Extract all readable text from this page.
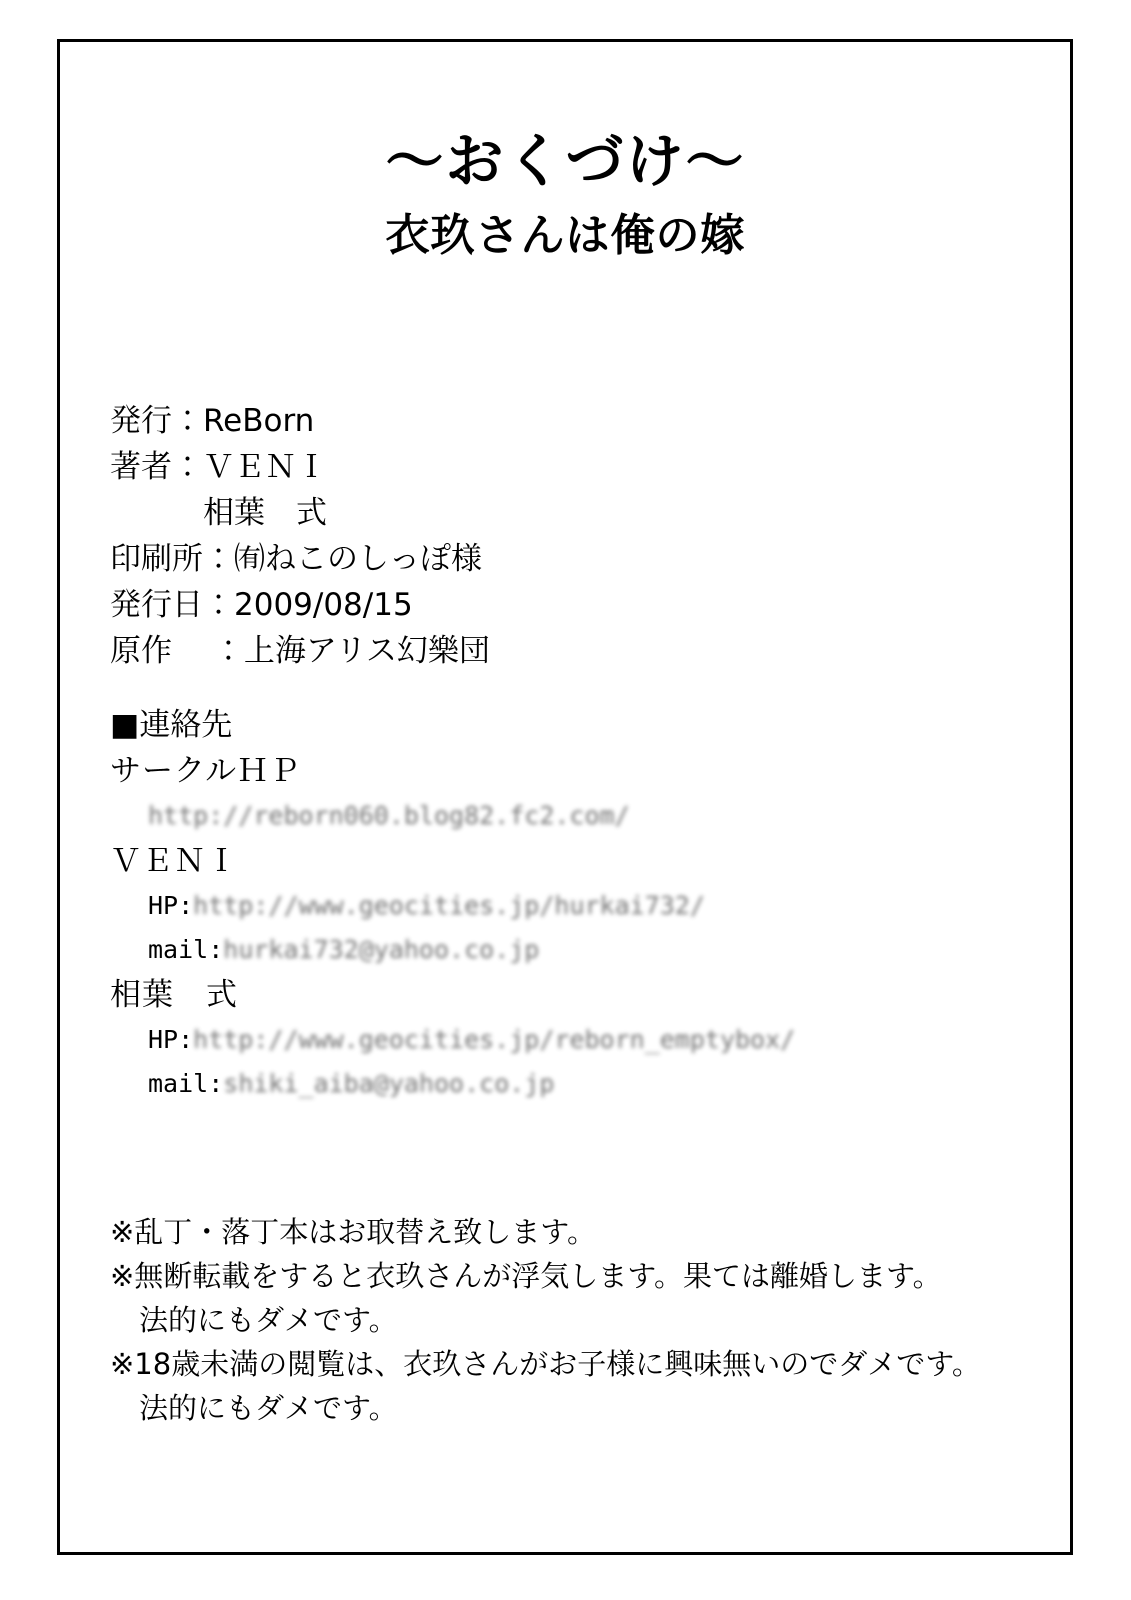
～おくづけ～
衣玖さんは俺の嫁
発行：ReBorn
著者：ＶＥＮＩ
　　　相葉　式
印刷所：㈲ねこのしっぽ様
発行日：2009/08/15
原作　 ：上海アリス幻樂団
■連絡先
サークルＨＰ
http://reborn060.blog82.fc2.com/
ＶＥＮＩ
HP:http://www.geocities.jp/hurkai732/
mail:hurkai732@yahoo.co.jp
相葉　式
HP:http://www.geocities.jp/reborn_emptybox/
mail:shiki_aiba@yahoo.co.jp
※乱丁・落丁本はお取替え致します。
※無断転載をすると衣玖さんが浮気します。果ては離婚します。
　法的にもダメです。
※18歳未満の閲覧は、衣玖さんがお子様に興味無いのでダメです。
　法的にもダメです。
